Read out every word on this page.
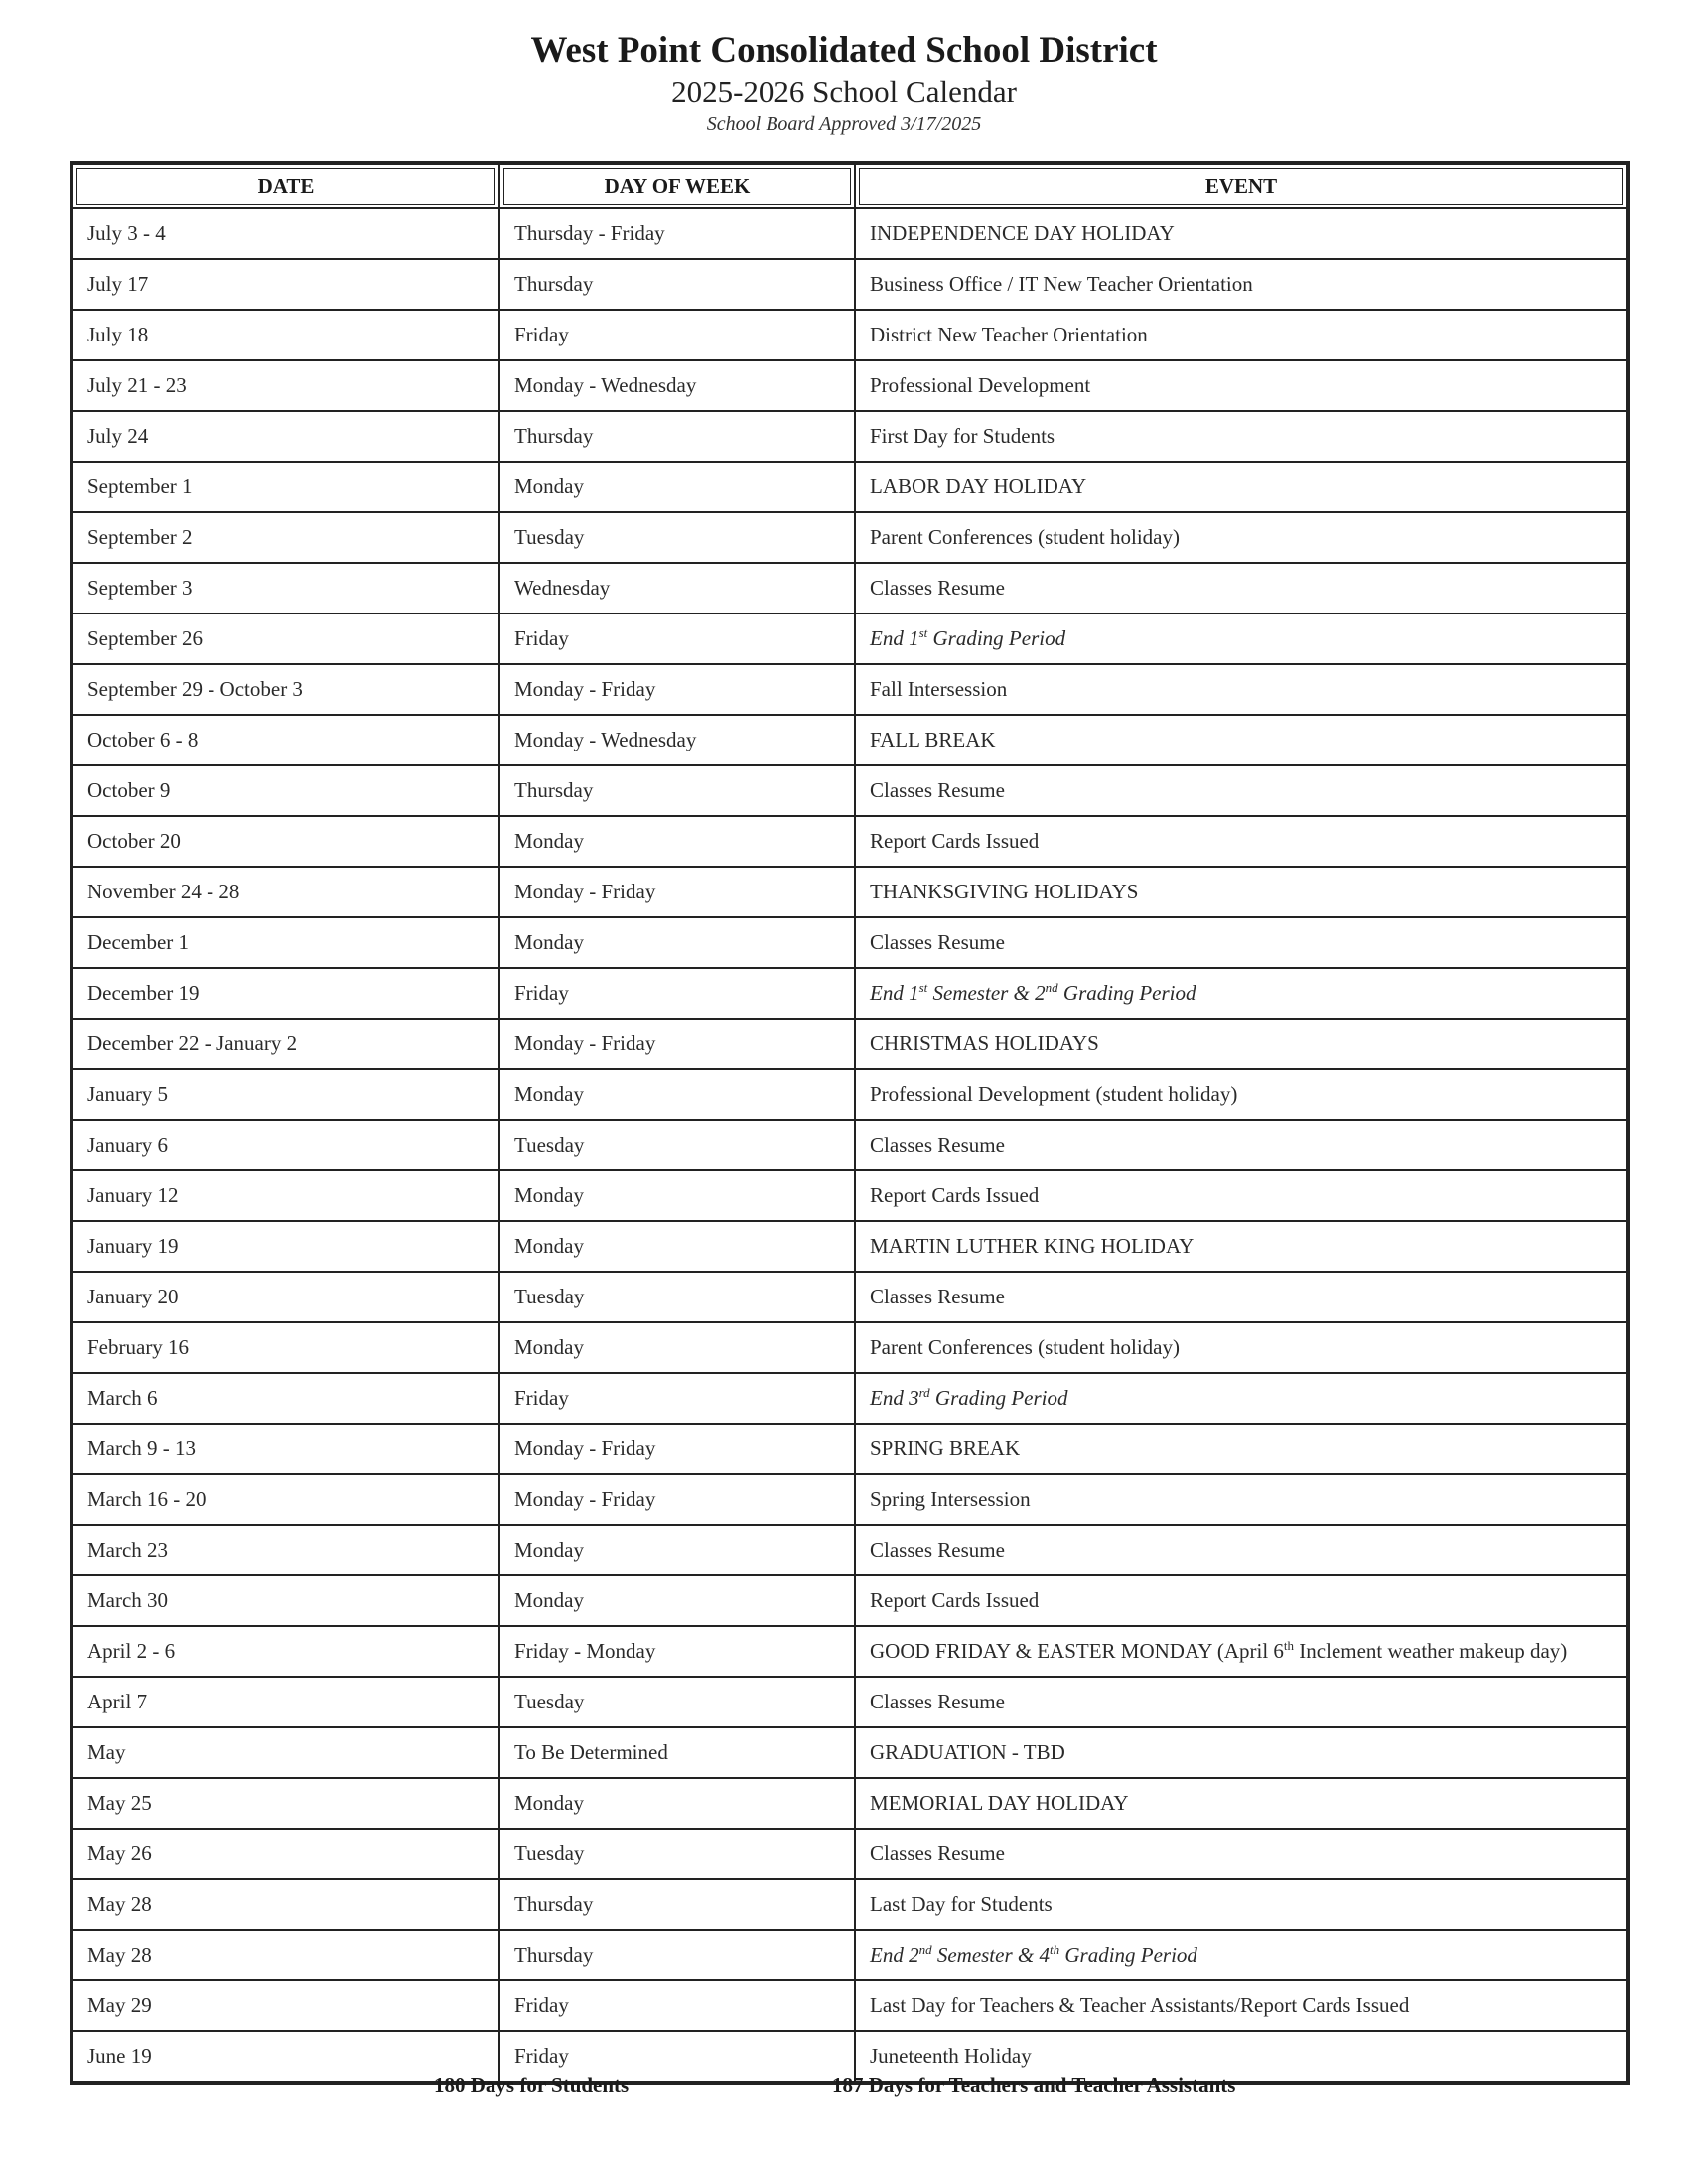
West Point Consolidated School District
2025-2026 School Calendar
School Board Approved 3/17/2025
DATE	DAY OF WEEK	EVENT
July 3 - 4	Thursday - Friday	INDEPENDENCE DAY HOLIDAY
July 17	Thursday	Business Office / IT New Teacher Orientation
July 18	Friday	District New Teacher Orientation
July 21 - 23	Monday - Wednesday	Professional Development
July 24	Thursday	First Day for Students
September 1	Monday	LABOR DAY HOLIDAY
September 2	Tuesday	Parent Conferences (student holiday)
September 3	Wednesday	Classes Resume
September 26	Friday	End 1st Grading Period
September 29 - October 3	Monday - Friday	Fall Intersession
October 6 - 8	Monday - Wednesday	FALL BREAK
October 9	Thursday	Classes Resume
October 20	Monday	Report Cards Issued
November 24 - 28	Monday - Friday	THANKSGIVING HOLIDAYS
December 1	Monday	Classes Resume
December 19	Friday	End 1st Semester & 2nd Grading Period
December 22 - January 2	Monday - Friday	CHRISTMAS HOLIDAYS
January 5	Monday	Professional Development (student holiday)
January 6	Tuesday	Classes Resume
January 12	Monday	Report Cards Issued
January 19	Monday	MARTIN LUTHER KING HOLIDAY
January 20	Tuesday	Classes Resume
February 16	Monday	Parent Conferences (student holiday)
March 6	Friday	End 3rd Grading Period
March 9 - 13	Monday - Friday	SPRING BREAK
March 16 - 20	Monday - Friday	Spring Intersession
March 23	Monday	Classes Resume
March 30	Monday	Report Cards Issued
April 2 - 6	Friday - Monday	GOOD FRIDAY & EASTER MONDAY (April 6th Inclement weather makeup day)
April 7	Tuesday	Classes Resume
May	To Be Determined	GRADUATION - TBD
May 25	Monday	MEMORIAL DAY HOLIDAY
May 26	Tuesday	Classes Resume
May 28	Thursday	Last Day for Students
May 28	Thursday	End 2nd Semester & 4th Grading Period
May 29	Friday	Last Day for Teachers & Teacher Assistants/Report Cards Issued
June 19	Friday	Juneteenth Holiday
180 Days for Students	187 Days for Teachers and Teacher Assistants
